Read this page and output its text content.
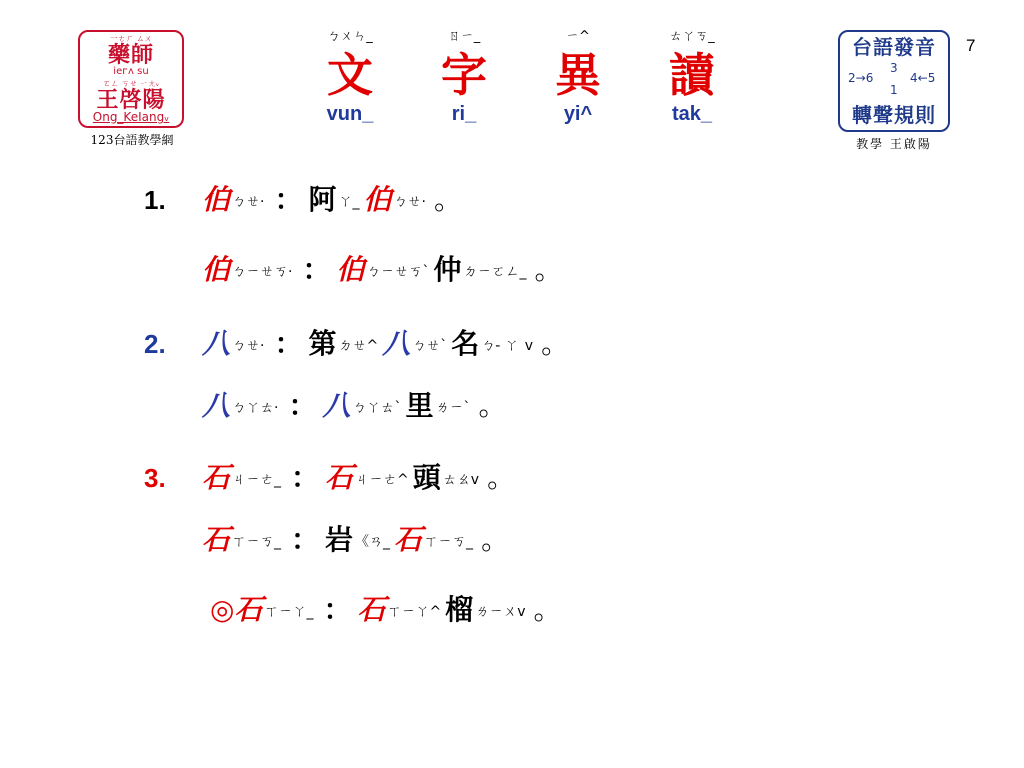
一ㄜㄏ ㄙㄨ
藥師
ieᴦʌ su
ㄛㄥ ㄎㄝ ㄧㄤᵥ
王啓陽
Ong_KeIangᵥ
123台語教學網
台語發音
2→6
3
4←5
1
轉聲規則
教學 王啟陽
7
ㄅㄨㄣ_
文
vun_
ㄖㄧ_
字
ri_
ㄧ^
異
yi^
ㄊㄚㄎ_
讀
tak_
1.
2.
3.
伯ㄅㄝ· ： 阿 ㄚ_ 伯 ㄅㄝ· 。
伯ㄅㄧㄝㄎ· ： 伯 ㄅㄧㄝㄎ` 仲 ㄉㄧㄛㄥ_ 。
八ㄅㄝ· ： 第 ㄉㄝ^ 八 ㄅㄝ` 名 ㄅ- ㄚ v 。
八ㄅㄚㄊ· ： 八 ㄅㄚㄊ` 里 ㄌㄧ` 。
石ㄐㄧㄜ_ ： 石 ㄐㄧㄜ^ 頭 ㄊㄠv 。
石ㄒㄧㄎ_ ： 岩 《ㄢ_ 石 ㄒㄧㄎ_ 。
◎石 ㄒㄧㄚ_ ： 石 ㄒㄧㄚ^ 榴 ㄌㄧㄨv 。
